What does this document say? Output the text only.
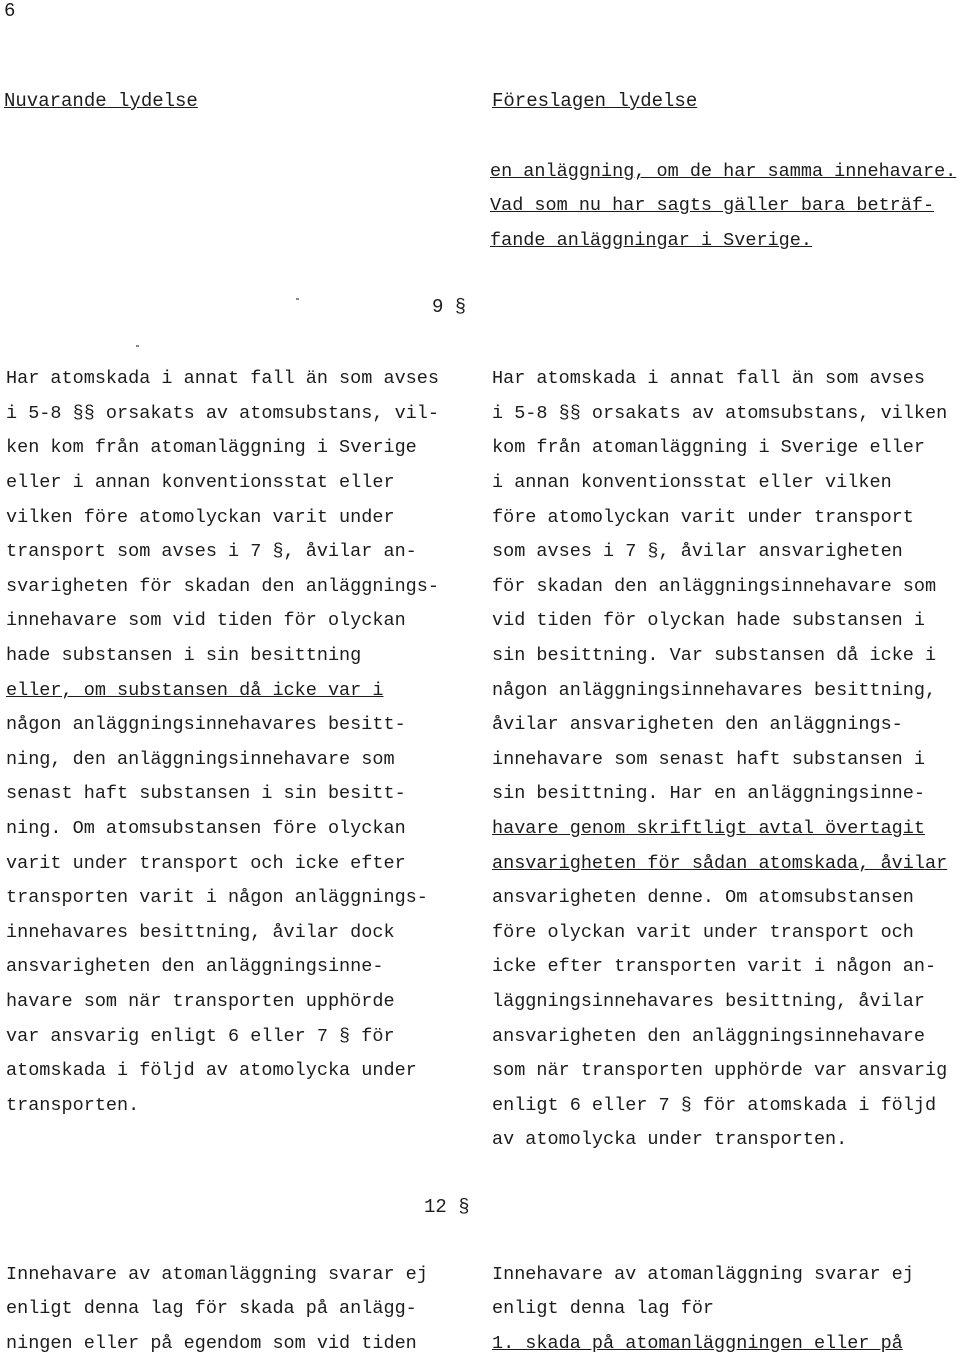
6
Nuvarande lydelse	Föreslagen lydelse
en anläggning, om de har samma innehavare.
Vad som nu har sagts gäller bara beträf-
fande anläggningar i Sverige.
9 §
Har atomskada i annat fall än som avses
i 5-8 §§ orsakats av atomsubstans, vil-
ken kom från atomanläggning i Sverige
eller i annan konventionsstat eller
vilken före atomolyckan varit under
transport som avses i 7 §, åvilar an-
svarigheten för skadan den anläggnings-
innehavare som vid tiden för olyckan
hade substansen i sin besittning
eller, om substansen då icke var i
någon anläggningsinnehavares besitt-
ning, den anläggningsinnehavare som
senast haft substansen i sin besitt-
ning. Om atomsubstansen före olyckan
varit under transport och icke efter
transporten varit i någon anläggnings-
innehavares besittning, åvilar dock
ansvarigheten den anläggningsinne-
havare som när transporten upphörde
var ansvarig enligt 6 eller 7 § för
atomskada i följd av atomolycka under
transporten.
Har atomskada i annat fall än som avses
i 5-8 §§ orsakats av atomsubstans, vilken
kom från atomanläggning i Sverige eller
i annan konventionsstat eller vilken
före atomolyckan varit under transport
som avses i 7 §, åvilar ansvarigheten
för skadan den anläggningsinnehavare som
vid tiden för olyckan hade substansen i
sin besittning. Var substansen då icke i
någon anläggningsinnehavares besittning,
åvilar ansvarigheten den anläggnings-
innehavare som senast haft substansen i
sin besittning. Har en anläggningsinne-
havare genom skriftligt avtal övertagit
ansvarigheten för sådan atomskada, åvilar
ansvarigheten denne. Om atomsubstansen
före olyckan varit under transport och
icke efter transporten varit i någon an-
läggningsinnehavares besittning, åvilar
ansvarigheten den anläggningsinnehavare
som när transporten upphörde var ansvarig
enligt 6 eller 7 § för atomskada i följd
av atomolycka under transporten.
12 §
Innehavare av atomanläggning svarar ej
enligt denna lag för skada på anlägg-
ningen eller på egendom som vid tiden
Innehavare av atomanläggning svarar ej
enligt denna lag för
1. skada på atomanläggningen eller på
